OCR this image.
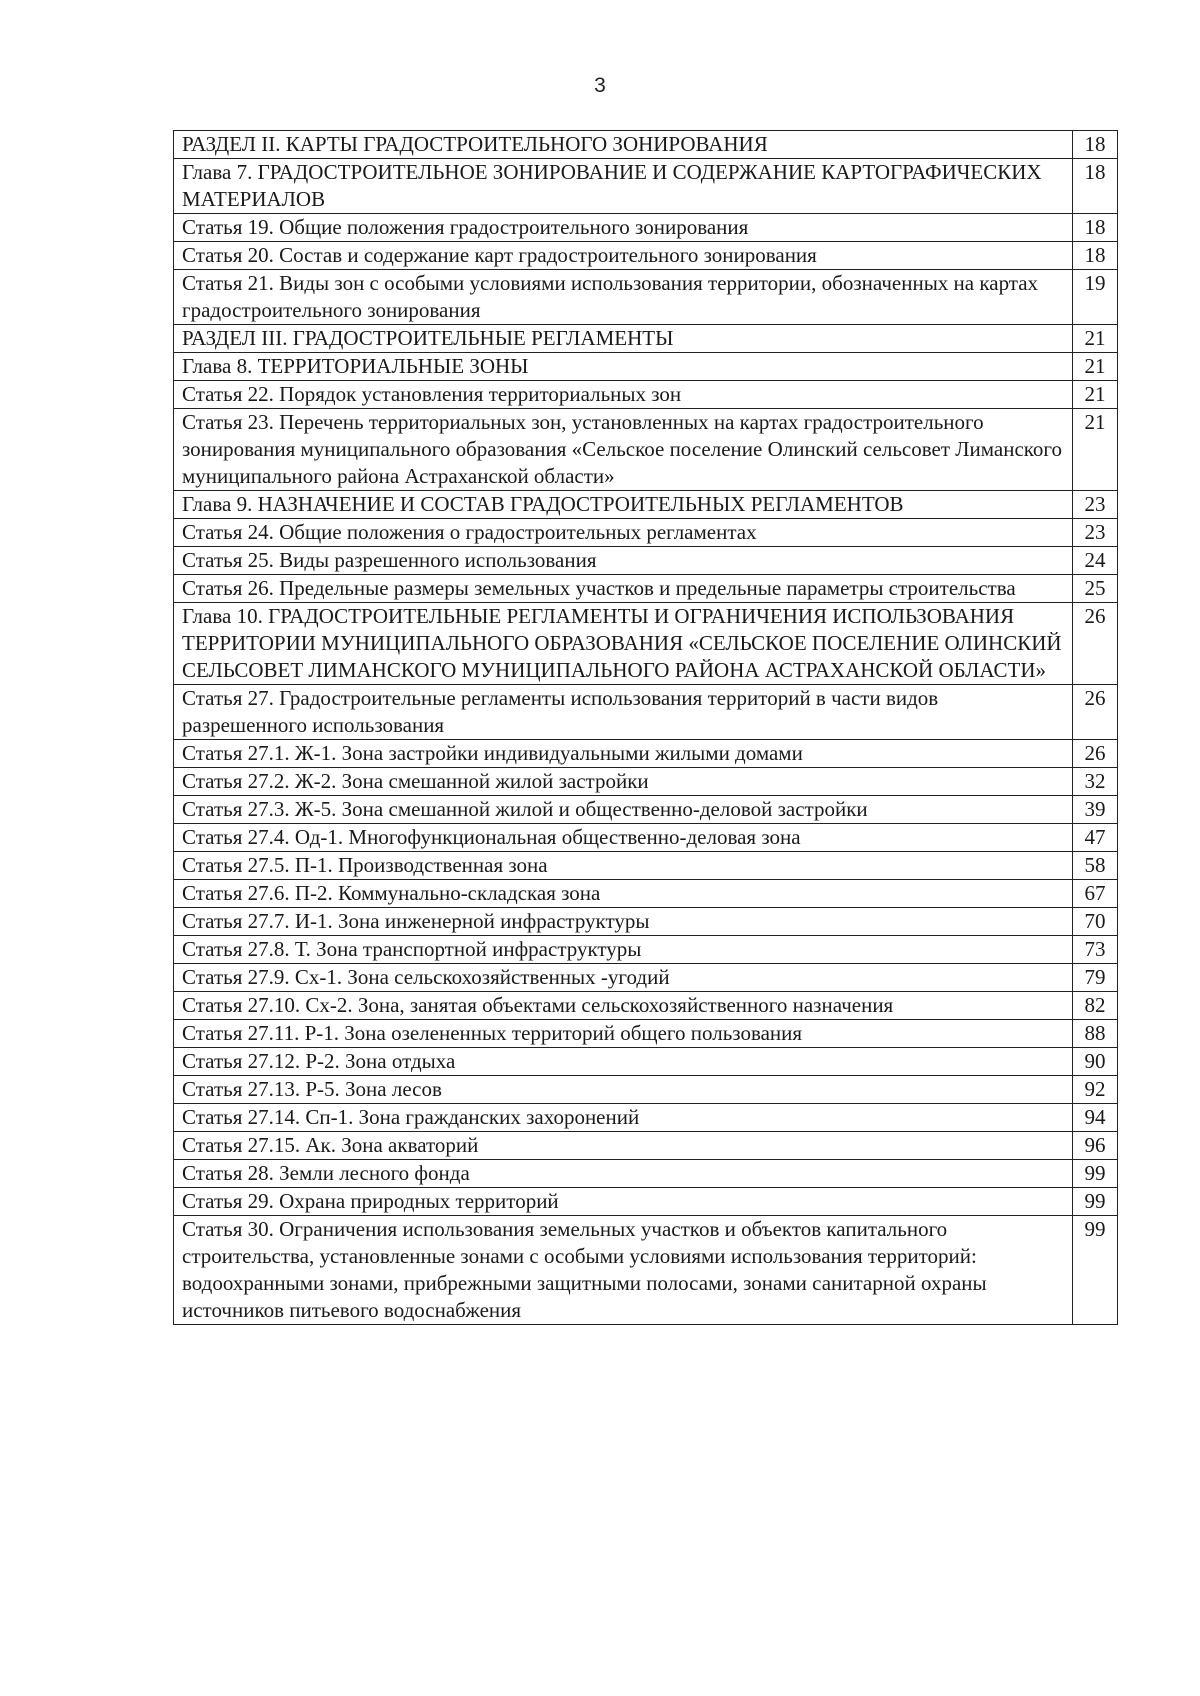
3
РАЗДЕЛ II. КАРТЫ ГРАДОСТРОИТЕЛЬНОГО ЗОНИРОВАНИЯ	18
Глава 7. ГРАДОСТРОИТЕЛЬНОЕ ЗОНИРОВАНИЕ И СОДЕРЖАНИЕ КАРТОГРАФИЧЕСКИХ МАТЕРИАЛОВ	18
Статья 19. Общие положения градостроительного зонирования	18
Статья 20. Состав и содержание карт градостроительного зонирования	18
Статья 21. Виды зон с особыми условиями использования территории, обозначенных на картах градостроительного зонирования	19
РАЗДЕЛ III. ГРАДОСТРОИТЕЛЬНЫЕ РЕГЛАМЕНТЫ	21
Глава 8. ТЕРРИТОРИАЛЬНЫЕ ЗОНЫ	21
Статья 22. Порядок установления территориальных зон	21
Статья 23. Перечень территориальных зон, установленных на картах градостроительного зонирования муниципального образования «Сельское поселение Олинский сельсовет Лиманского муниципального района Астраханской области»	21
Глава 9. НАЗНАЧЕНИЕ И СОСТАВ ГРАДОСТРОИТЕЛЬНЫХ РЕГЛАМЕНТОВ	23
Статья 24. Общие положения о градостроительных регламентах	23
Статья 25. Виды разрешенного использования	24
Статья 26. Предельные размеры земельных участков и предельные параметры строительства	25
Глава 10. ГРАДОСТРОИТЕЛЬНЫЕ РЕГЛАМЕНТЫ И ОГРАНИЧЕНИЯ ИСПОЛЬЗОВАНИЯ ТЕРРИТОРИИ МУНИЦИПАЛЬНОГО ОБРАЗОВАНИЯ «СЕЛЬСКОЕ ПОСЕЛЕНИЕ ОЛИНСКИЙ СЕЛЬСОВЕТ ЛИМАНСКОГО МУНИЦИПАЛЬНОГО РАЙОНА АСТРАХАНСКОЙ ОБЛАСТИ»	26
Статья 27. Градостроительные регламенты использования территорий в части видов разрешенного использования	26
Статья 27.1. Ж-1. Зона застройки индивидуальными жилыми домами	26
Статья 27.2. Ж-2. Зона смешанной жилой застройки	32
Статья 27.3. Ж-5. Зона смешанной жилой и общественно-деловой застройки	39
Статья 27.4. Од-1. Многофункциональная общественно-деловая зона	47
Статья 27.5. П-1. Производственная зона	58
Статья 27.6. П-2. Коммунально-складская зона	67
Статья 27.7. И-1. Зона инженерной инфраструктуры	70
Статья 27.8. Т. Зона транспортной инфраструктуры	73
Статья 27.9. Сх-1. Зона сельскохозяйственных -угодий	79
Статья 27.10. Сх-2. Зона, занятая объектами сельскохозяйственного назначения	82
Статья 27.11. Р-1. Зона озелененных территорий общего пользования	88
Статья 27.12. Р-2. Зона отдыха	90
Статья 27.13. Р-5. Зона лесов	92
Статья 27.14. Сп-1. Зона гражданских захоронений	94
Статья 27.15. Ак. Зона акваторий	96
Статья 28. Земли лесного фонда	99
Статья 29. Охрана природных территорий	99
Статья 30. Ограничения использования земельных участков и объектов капитального строительства, установленные зонами с особыми условиями использования территорий: водоохранными зонами, прибрежными защитными полосами, зонами санитарной охраны источников питьевого водоснабжения	99
